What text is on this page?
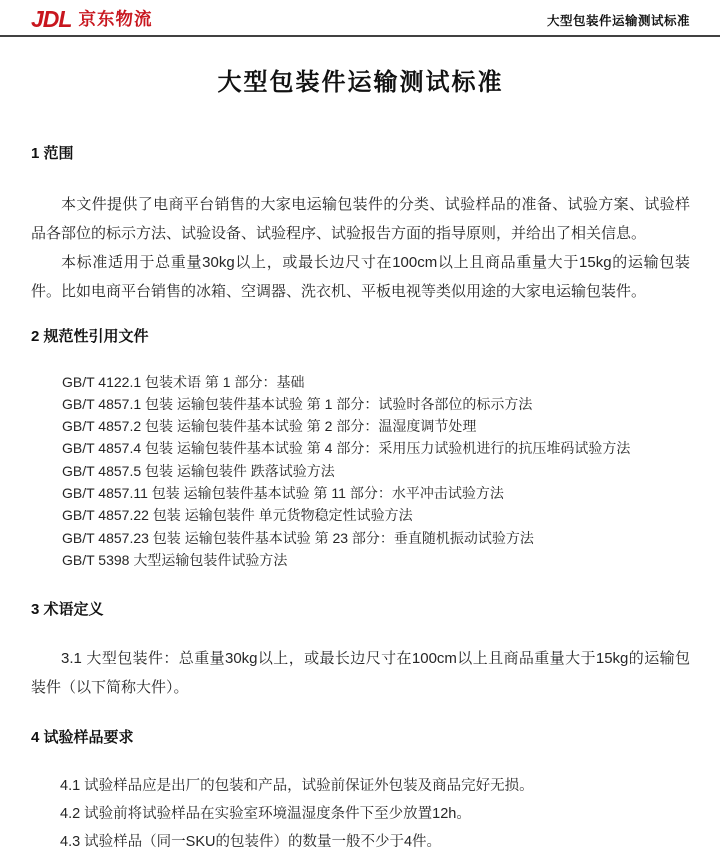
JDL 京东物流	大型包装件运输测试标准
大型包装件运输测试标准
1 范围

本文件提供了电商平台销售的大家电运输包装件的分类、试验样品的准备、试验方案、试验样品各部位的标示方法、试验设备、试验程序、试验报告方面的指导原则，并给出了相关信息。

本标准适用于总重量30kg以上，或最长边尺寸在100cm以上且商品重量大于15kg的运输包装件。比如电商平台销售的冰箱、空调器、洗衣机、平板电视等类似用途的大家电运输包装件。

2 规范性引用文件
GB/T 4122.1 包装术语 第 1 部分：基础
GB/T 4857.1 包装 运输包装件基本试验 第 1 部分：试验时各部位的标示方法
GB/T 4857.2 包装 运输包装件基本试验 第 2 部分：温湿度调节处理
GB/T 4857.4 包装 运输包装件基本试验 第 4 部分：采用压力试验机进行的抗压堆码试验方法
GB/T 4857.5 包装 运输包装件 跌落试验方法
GB/T 4857.11 包装 运输包装件基本试验 第 11 部分：水平冲击试验方法
GB/T 4857.22 包装 运输包装件 单元货物稳定性试验方法
GB/T 4857.23 包装 运输包装件基本试验 第 23 部分：垂直随机振动试验方法
GB/T 5398 大型运输包装件试验方法
3 术语定义

3.1 大型包装件：总重量30kg以上，或最长边尺寸在100cm以上且商品重量大于15kg的运输包装件（以下简称大件）。

4 试验样品要求

4.1 试验样品应是出厂的包装和产品，试验前保证外包装及商品完好无损。

4.2 试验前将试验样品在实验室环境温湿度条件下至少放置12h。

4.3 试验样品（同一SKU的包装件）的数量一般不少于4件。
